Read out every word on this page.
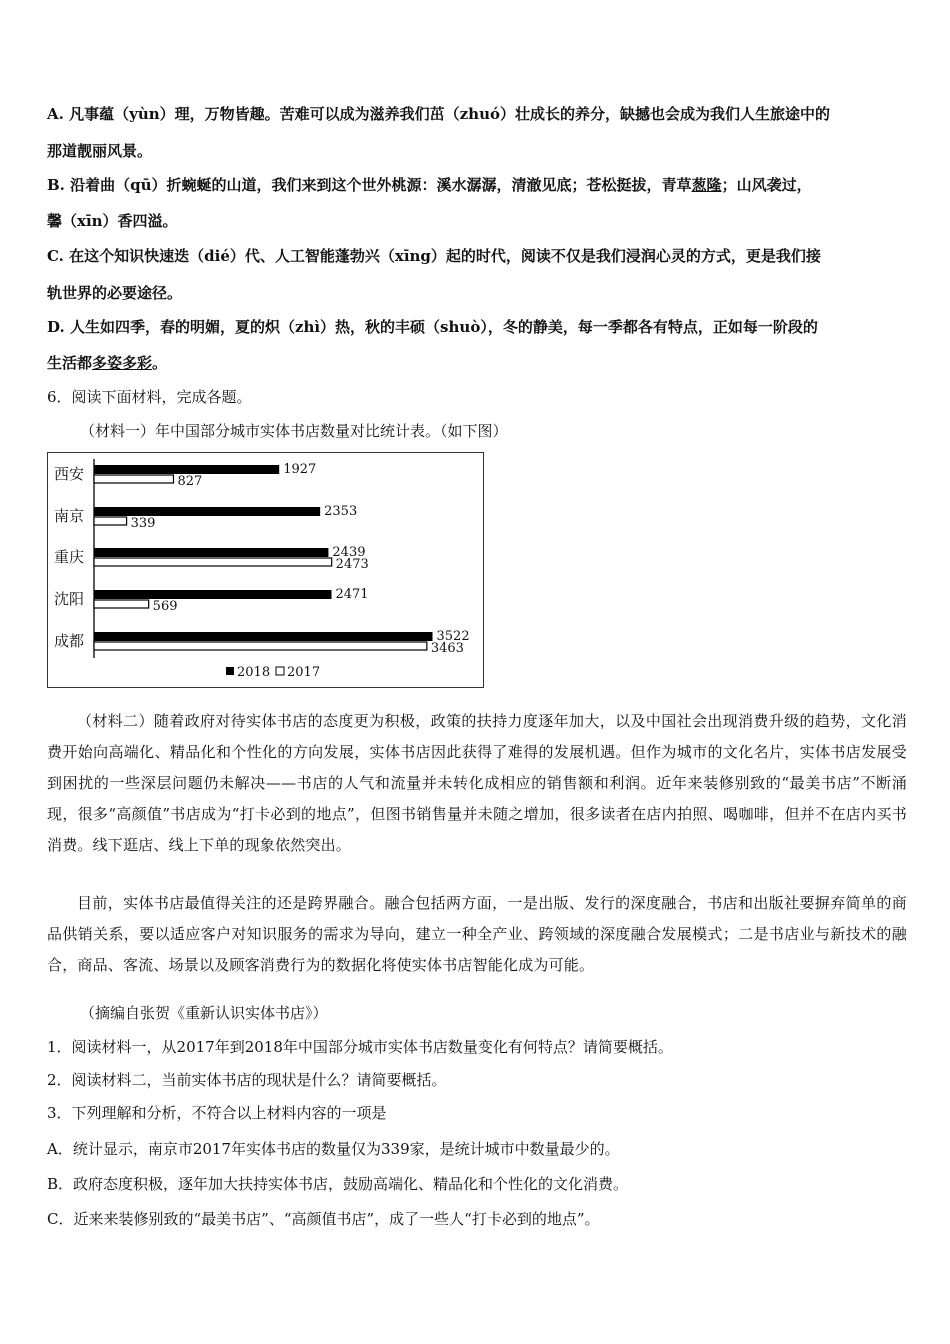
A. 凡事蕴（yùn）理，万物皆趣。苦难可以成为滋养我们茁（zhuó）壮成长的养分，缺撼也会成为我们人生旅途中的
那道靓丽风景。
B. 沿着曲（qū）折蜿蜒的山道，我们来到这个世外桃源：溪水潺潺，清澈见底；苍松挺拔，青草葱隆；山风袭过，
馨（xīn）香四溢。
C. 在这个知识快速迭（dié）代、人工智能蓬勃兴（xīng）起的时代，阅读不仅是我们浸润心灵的方式，更是我们接
轨世界的必要途径。
D. 人生如四季，春的明媚，夏的炽（zhì）热，秋的丰硕（shuò），冬的静美，每一季都各有特点，正如每一阶段的
生活都多姿多彩。
6．阅读下面材料，完成各题。
（材料一）年中国部分城市实体书店数量对比统计表。（如下图）
西安	1927
827
南京	2353
339
重庆	2439
2473
沈阳	2471
569
成都	3522
3463
2018 2017
（材料二）随着政府对待实体书店的态度更为积极，政策的扶持力度逐年加大，以及中国社会出现消费升级的趋势，文化消费开始向高端化、精品化和个性化的方向发展，实体书店因此获得了难得的发展机遇。但作为城市的文化名片，实体书店发展受到困扰的一些深层问题仍未解决——书店的人气和流量并未转化成相应的销售额和利润。近年来装修别致的“最美书店”不断涌现，很多“高颜值”书店成为“打卡必到的地点”，但图书销售量并未随之增加，很多读者在店内拍照、喝咖啡，但并不在店内买书消费。线下逛店、线上下单的现象依然突出。
目前，实体书店最值得关注的还是跨界融合。融合包括两方面，一是出版、发行的深度融合，书店和出版社要摒弃简单的商品供销关系，要以适应客户对知识服务的需求为导向，建立一种全产业、跨领域的深度融合发展模式；二是书店业与新技术的融合，商品、客流、场景以及顾客消费行为的数据化将使实体书店智能化成为可能。
（摘编自张贺《重新认识实体书店》）
1．阅读材料一，从2017年到2018年中国部分城市实体书店数量变化有何特点？请简要概括。
2．阅读材料二，当前实体书店的现状是什么？请简要概括。
3．下列理解和分析，不符合以上材料内容的一项是
A．统计显示，南京市2017年实体书店的数量仅为339家，是统计城市中数量最少的。
B．政府态度积极，逐年加大扶持实体书店，鼓励高端化、精品化和个性化的文化消费。
C．近来来装修别致的“最美书店”、“高颜值书店”，成了一些人“打卡必到的地点”。
